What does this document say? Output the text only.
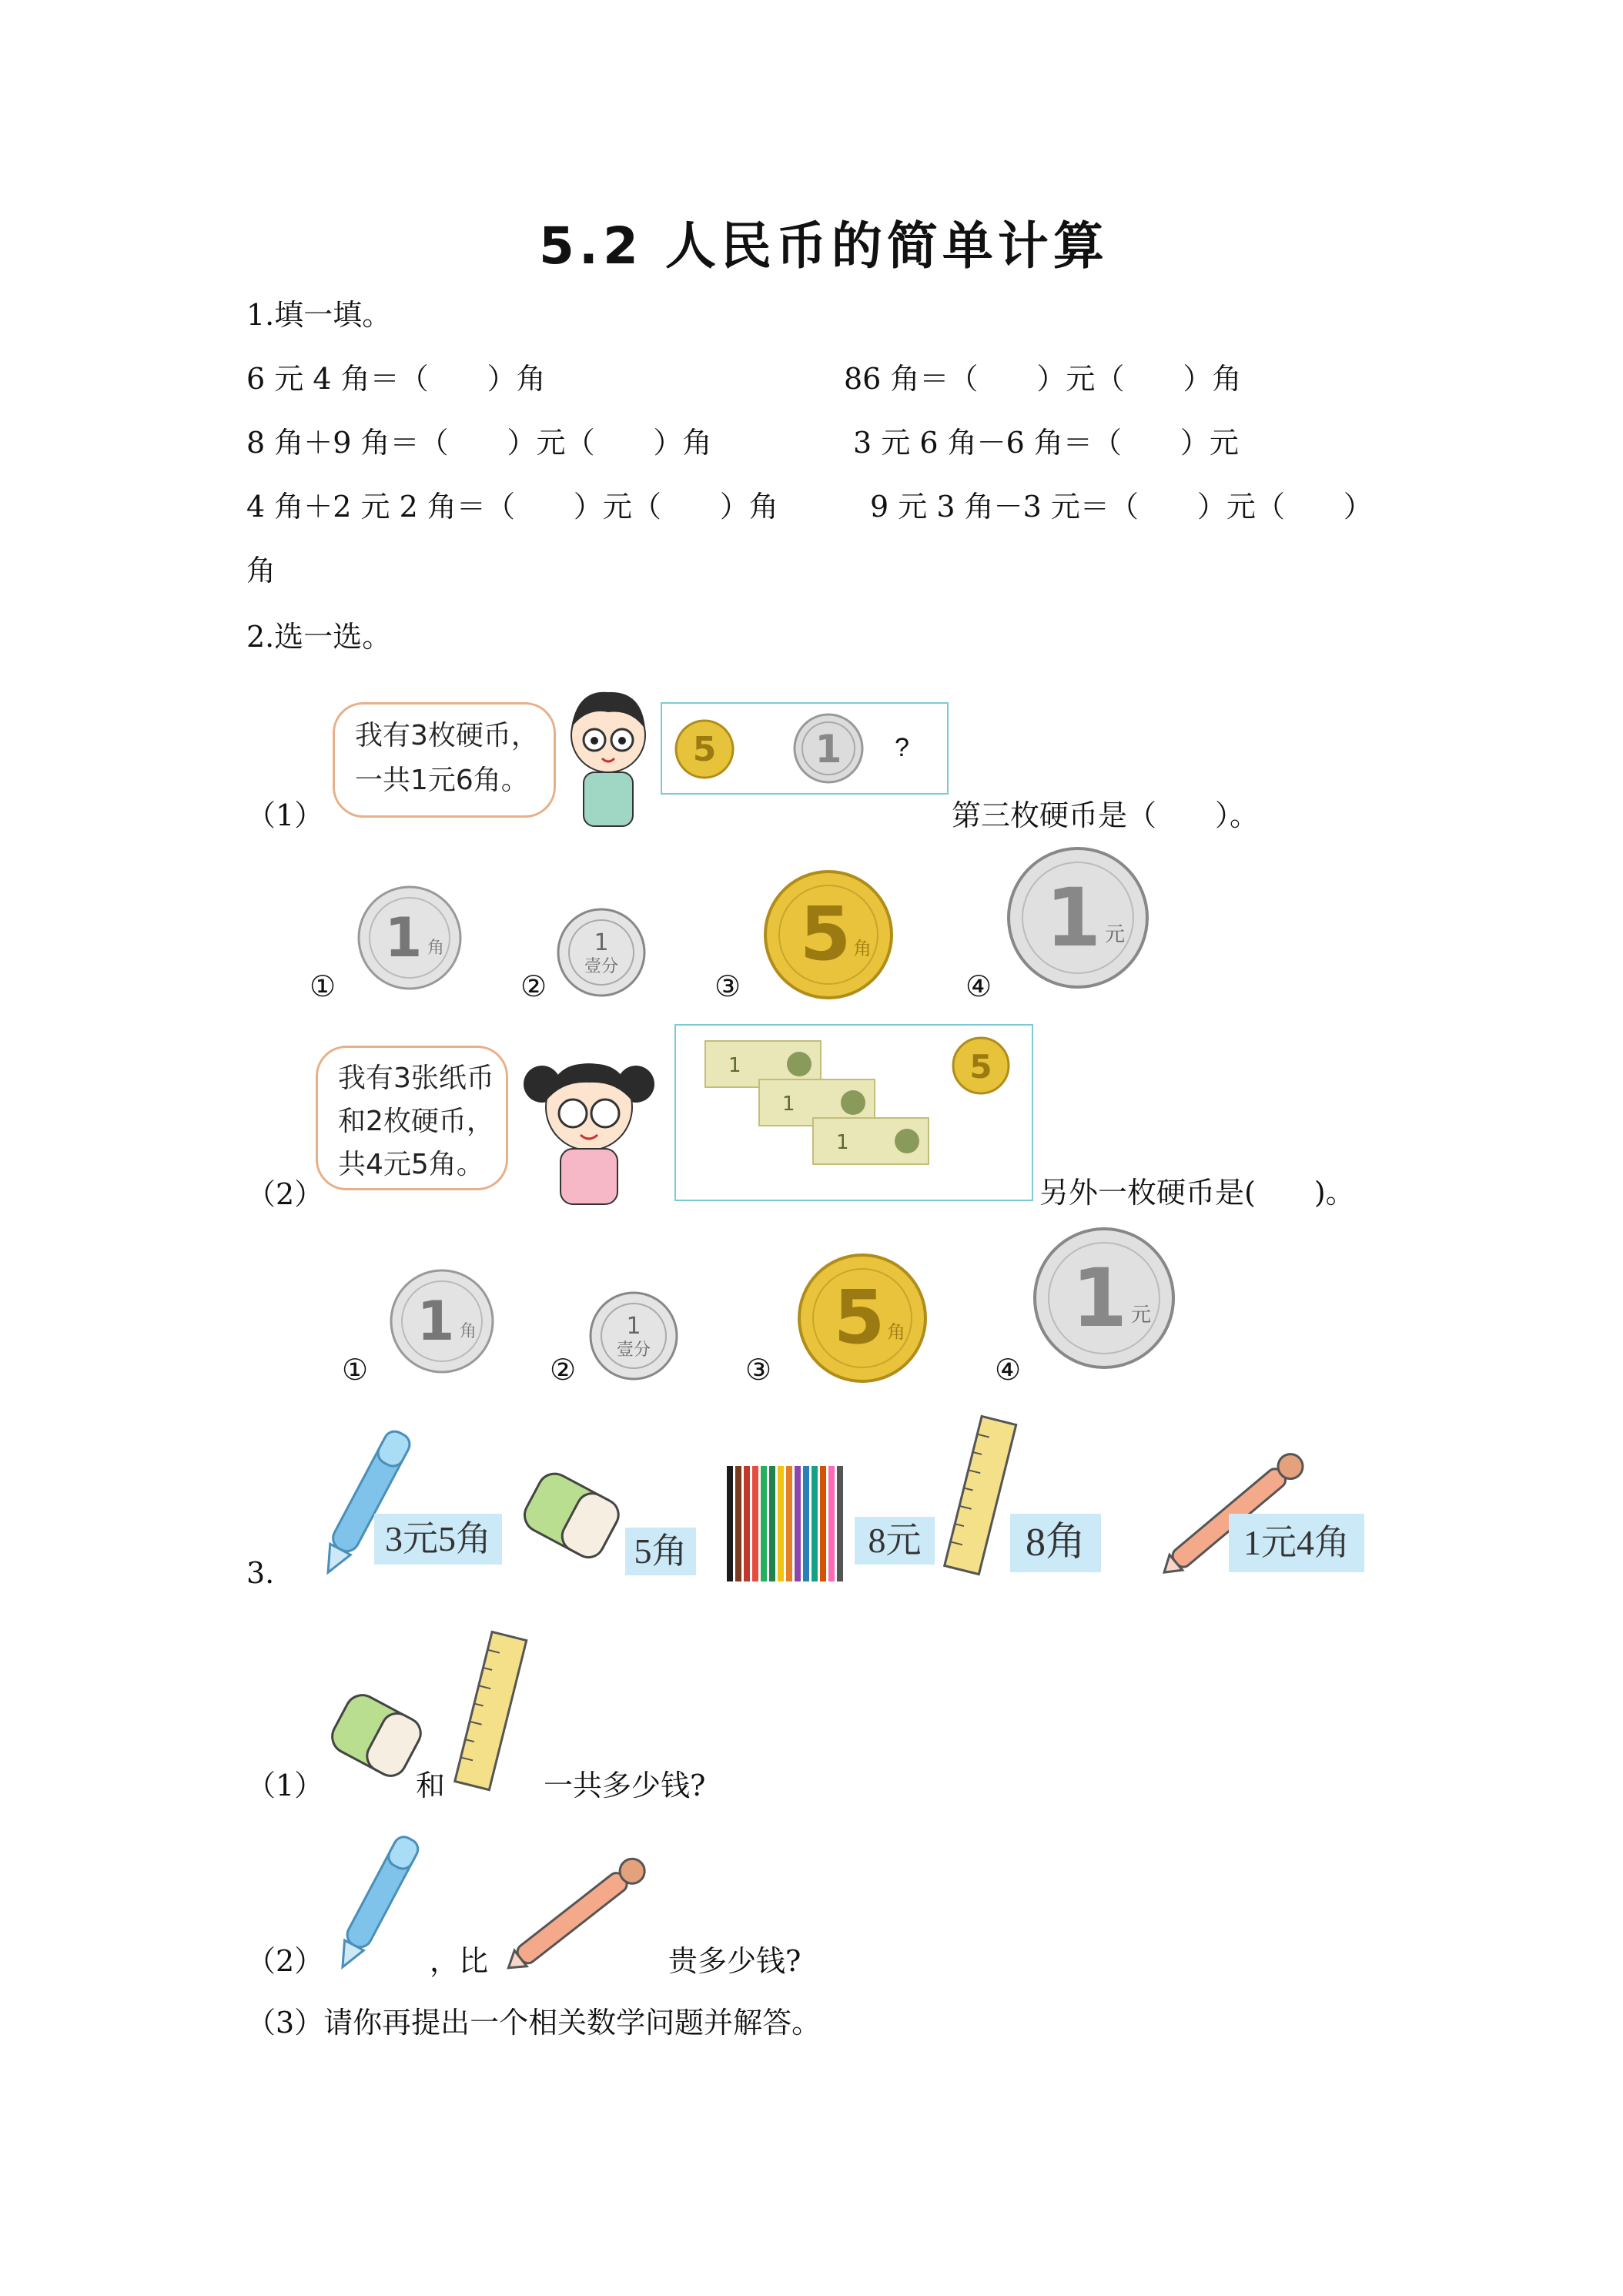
5.2 人民币的简单计算
1.填一填。
6 元 4 角＝（　　）角	86 角＝（　　）元（　　）角
8 角＋9 角＝（　　）元（　　）角	3 元 6 角－6 角＝（　　）元
4 角＋2 元 2 角＝（　　）元（　　）角	9 元 3 角－3 元＝（　　）元（　　）
角
2.选一选。
（1）
我有3枚硬币，
一共1元6角。
5	1 ?
第三枚硬币是（　　）。
1 角	1
壹分 5 角 1 元
①	②	③	④
（2）
我有3张纸币
和2枚硬币，
共4元5角。
1
1
1
5
另外一枚硬币是(　　)。
1 角	1
壹分 5 角 1 元
①	②	③	④
3.
3元5角	5角	8元	8角	1元4角
（1）	和	一共多少钱?
（2）	，比	贵多少钱?
（3）请你再提出一个相关数学问题并解答。
